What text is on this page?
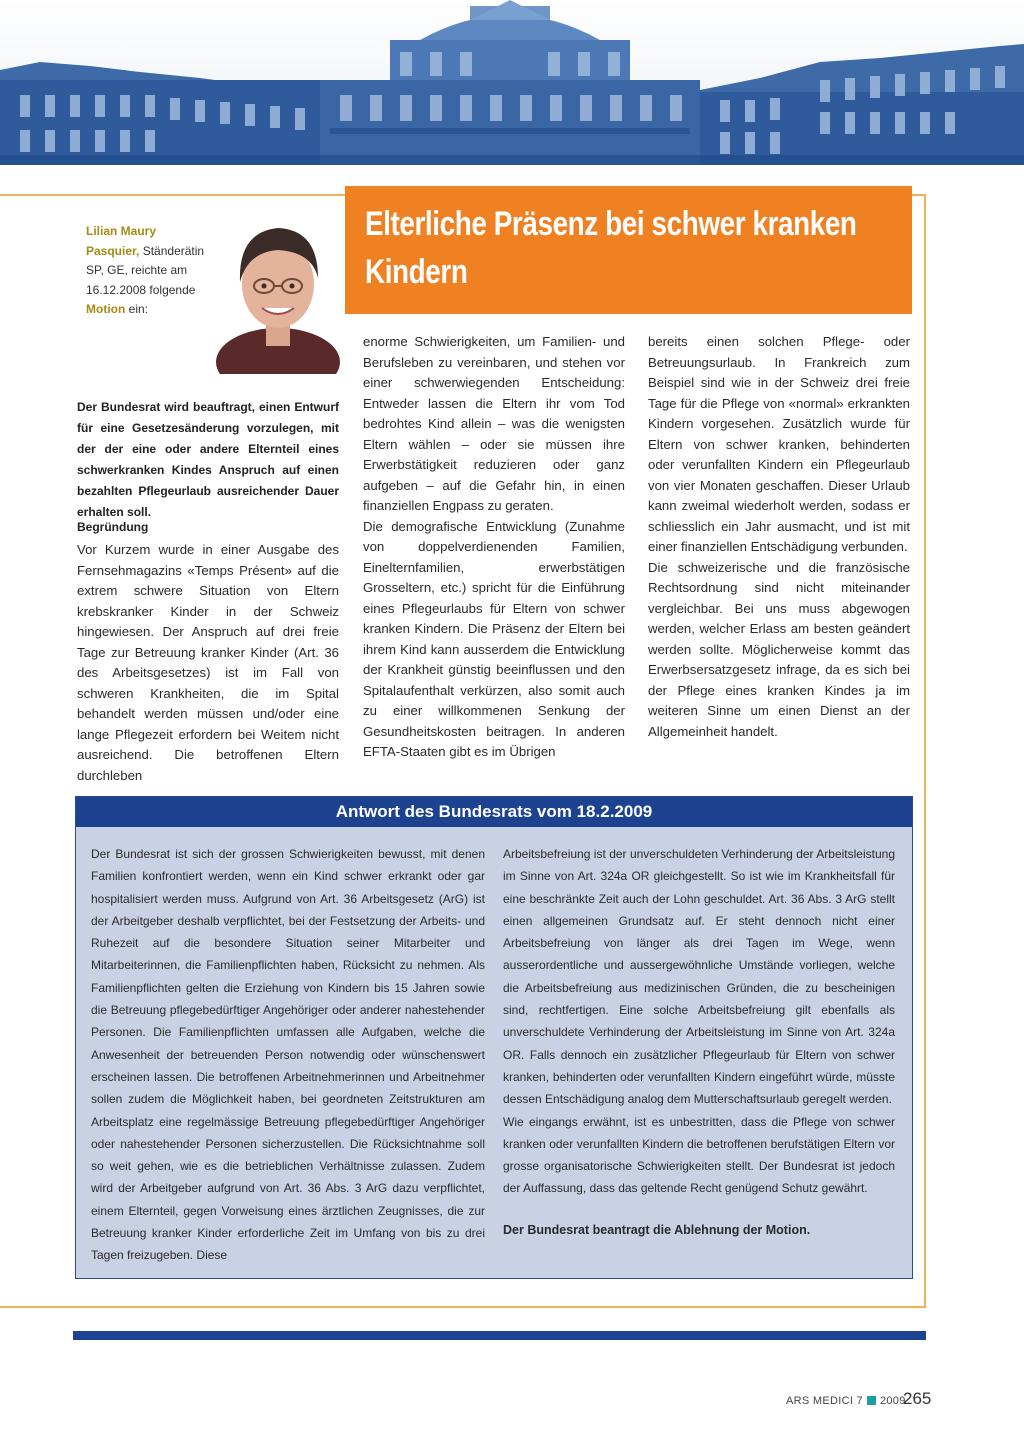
Lilian Maury
Pasquier, Ständerätin
SP, GE, reichte am
16.12.2008 folgende
Motion ein:
Elterliche Präsenz bei schwer kranken Kindern
Der Bundesrat wird beauftragt, einen Entwurf für eine Gesetzesänderung vorzulegen, mit der der eine oder andere Elternteil eines schwerkranken Kindes Anspruch auf einen bezahlten Pflegeurlaub ausreichender Dauer erhalten soll.
Begründung

Vor Kurzem wurde in einer Ausgabe des Fernsehmagazins «Temps Présent» auf die extrem schwere Situation von Eltern krebskranker Kinder in der Schweiz hingewiesen. Der Anspruch auf drei freie Tage zur Betreuung kranker Kinder (Art. 36 des Arbeitsgesetzes) ist im Fall von schweren Krankheiten, die im Spital behandelt werden müssen und/oder eine lange Pflegezeit erfordern bei Weitem nicht ausreichend. Die betroffenen Eltern durchleben

enorme Schwierigkeiten, um Familien- und Berufsleben zu vereinbaren, und stehen vor einer schwerwiegenden Entscheidung: Entweder lassen die Eltern ihr vom Tod bedrohtes Kind allein – was die wenigsten Eltern wählen – oder sie müssen ihre Erwerbstätigkeit reduzieren oder ganz aufgeben – auf die Gefahr hin, in einen finanziellen Engpass zu geraten.

Die demografische Entwicklung (Zunahme von doppelverdienenden Familien, Einelternfamilien, erwerbstätigen Grosseltern, etc.) spricht für die Einführung eines Pflegeurlaubs für Eltern von schwer kranken Kindern. Die Präsenz der Eltern bei ihrem Kind kann ausserdem die Entwicklung der Krankheit günstig beeinflussen und den Spitalaufenthalt verkürzen, also somit auch zu einer willkommenen Senkung der Gesundheitskosten beitragen. In anderen EFTA-Staaten gibt es im Übrigen

bereits einen solchen Pflege- oder Betreuungsurlaub. In Frankreich zum Beispiel sind wie in der Schweiz drei freie Tage für die Pflege von «normal» erkrankten Kindern vorgesehen. Zusätzlich wurde für Eltern von schwer kranken, behinderten oder verunfallten Kindern ein Pflegeurlaub von vier Monaten geschaffen. Dieser Urlaub kann zweimal wiederholt werden, sodass er schliesslich ein Jahr ausmacht, und ist mit einer finanziellen Entschädigung verbunden.

Die schweizerische und die französische Rechtsordnung sind nicht miteinander vergleichbar. Bei uns muss abgewogen werden, welcher Erlass am besten geändert werden sollte. Möglicherweise kommt das Erwerbsersatzgesetz infrage, da es sich bei der Pflege eines kranken Kindes ja im weiteren Sinne um einen Dienst an der Allgemeinheit handelt.

Antwort des Bundesrats vom 18.2.2009

Der Bundesrat ist sich der grossen Schwierigkeiten bewusst, mit denen Familien konfrontiert werden, wenn ein Kind schwer erkrankt oder gar hospitalisiert werden muss. Aufgrund von Art. 36 Arbeitsgesetz (ArG) ist der Arbeitgeber deshalb verpflichtet, bei der Festsetzung der Arbeits- und Ruhezeit auf die besondere Situation seiner Mitarbeiter und Mitarbeiterinnen, die Familienpflichten haben, Rücksicht zu nehmen. Als Familienpflichten gelten die Erziehung von Kindern bis 15 Jahren sowie die Betreuung pflegebedürftiger Angehöriger oder anderer nahestehender Personen. Die Familienpflichten umfassen alle Aufgaben, welche die Anwesenheit der betreuenden Person notwendig oder wünschenswert erscheinen lassen. Die betroffenen Arbeitnehmerinnen und Arbeitnehmer sollen zudem die Möglichkeit haben, bei geordneten Zeitstrukturen am Arbeitsplatz eine regelmässige Betreuung pflegebedürftiger Angehöriger oder nahestehender Personen sicherzustellen. Die Rücksichtnahme soll so weit gehen, wie es die betrieblichen Verhältnisse zulassen. Zudem wird der Arbeitgeber aufgrund von Art. 36 Abs. 3 ArG dazu verpflichtet, einem Elternteil, gegen Vorweisung eines ärztlichen Zeugnisses, die zur Betreuung kranker Kinder erforderliche Zeit im Umfang von bis zu drei Tagen freizugeben. Diese

Arbeitsbefreiung ist der unverschuldeten Verhinderung der Arbeitsleistung im Sinne von Art. 324a OR gleichgestellt. So ist wie im Krankheitsfall für eine beschränkte Zeit auch der Lohn geschuldet. Art. 36 Abs. 3 ArG stellt einen allgemeinen Grundsatz auf. Er steht dennoch nicht einer Arbeitsbefreiung von länger als drei Tagen im Wege, wenn ausserordentliche und aussergewöhnliche Umstände vorliegen, welche die Arbeitsbefreiung aus medizinischen Gründen, die zu bescheinigen sind, rechtfertigen. Eine solche Arbeitsbefreiung gilt ebenfalls als unverschuldete Verhinderung der Arbeitsleistung im Sinne von Art. 324a OR. Falls dennoch ein zusätzlicher Pflegeurlaub für Eltern von schwer kranken, behinderten oder verunfallten Kindern eingeführt würde, müsste dessen Entschädigung analog dem Mutterschaftsurlaub geregelt werden.

Wie eingangs erwähnt, ist es unbestritten, dass die Pflege von schwer kranken oder verunfallten Kindern die betroffenen berufstätigen Eltern vor grosse organisatorische Schwierigkeiten stellt. Der Bundesrat ist jedoch der Auffassung, dass das geltende Recht genügend Schutz gewährt.

Der Bundesrat beantragt die Ablehnung der Motion.
ARS MEDICI 7 2009
265
